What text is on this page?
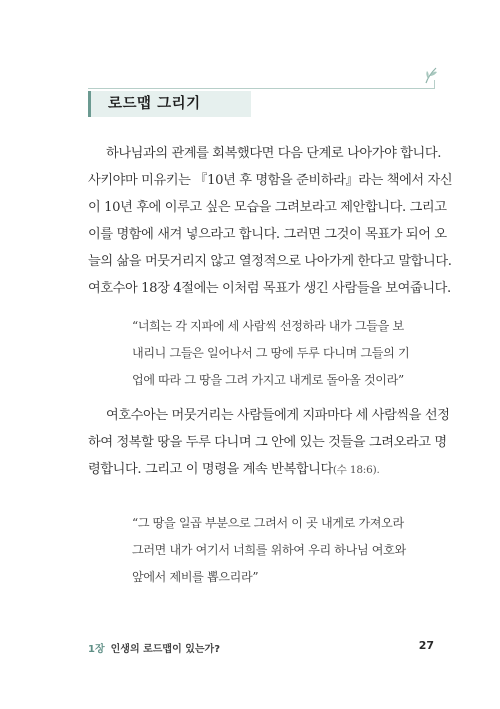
로드맵 그리기
하나님과의 관계를 회복했다면 다음 단계로 나아가야 합니다.
사키야마 미유키는 『10년 후 명함을 준비하라』라는 책에서 자신
이 10년 후에 이루고 싶은 모습을 그려보라고 제안합니다. 그리고
이를 명함에 새겨 넣으라고 합니다. 그러면 그것이 목표가 되어 오
늘의 삶을 머뭇거리지 않고 열정적으로 나아가게 한다고 말합니다.
여호수아 18장 4절에는 이처럼 목표가 생긴 사람들을 보여줍니다.
“너희는 각 지파에 세 사람씩 선정하라 내가 그들을 보
내리니 그들은 일어나서 그 땅에 두루 다니며 그들의 기
업에 따라 그 땅을 그려 가지고 내게로 돌아올 것이라”
여호수아는 머뭇거리는 사람들에게 지파마다 세 사람씩을 선정
하여 정복할 땅을 두루 다니며 그 안에 있는 것들을 그려오라고 명
령합니다. 그리고 이 명령을 계속 반복합니다(수 18:6).
“그 땅을 일곱 부분으로 그려서 이 곳 내게로 가져오라
그러면 내가 여기서 너희를 위하여 우리 하나님 여호와
앞에서 제비를 뽑으리라”
1장 인생의 로드맵이 있는가?	27
